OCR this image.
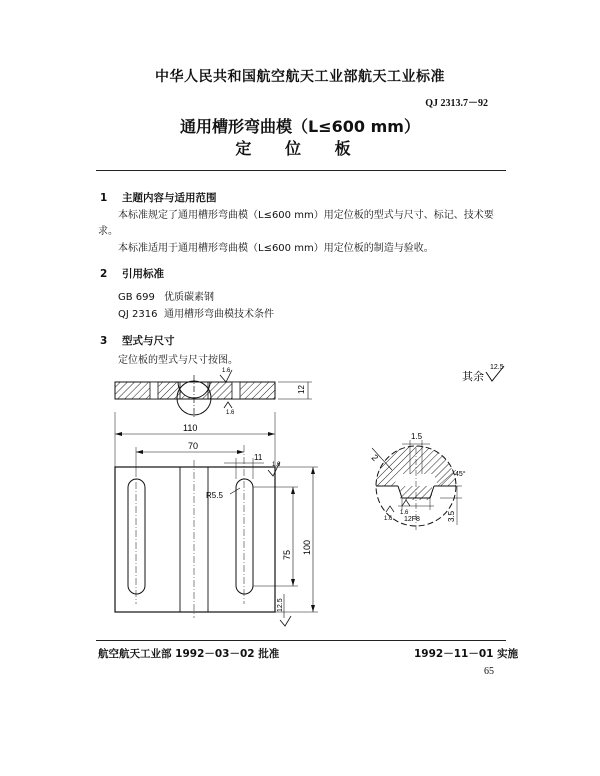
中华人民共和国航空航天工业部航天工业标准
QJ 2313.7－92
通用槽形弯曲模（L≤600 mm）
定 位 板
1 主题内容与适用范围
本标准规定了通用槽形弯曲模（L≤600 mm）用定位板的型式与尺寸、标记、技术要
求。
本标准适用于通用槽形弯曲模（L≤600 mm）用定位板的制造与验收。
2 引用标准
GB 699 优质碳素钢
QJ 2316 通用槽形弯曲模技术条件
3 型式与尺寸
定位板的型式与尺寸按图。
其余
12.5
12
1.6
1.6
110
70
11
1.6
R5.5
100
75
12.5
2
1.5
45°
12F8	3.5
1.6
1.6
航空航天工业部 1992－03－02 批准	1992－11－01 实施
65
